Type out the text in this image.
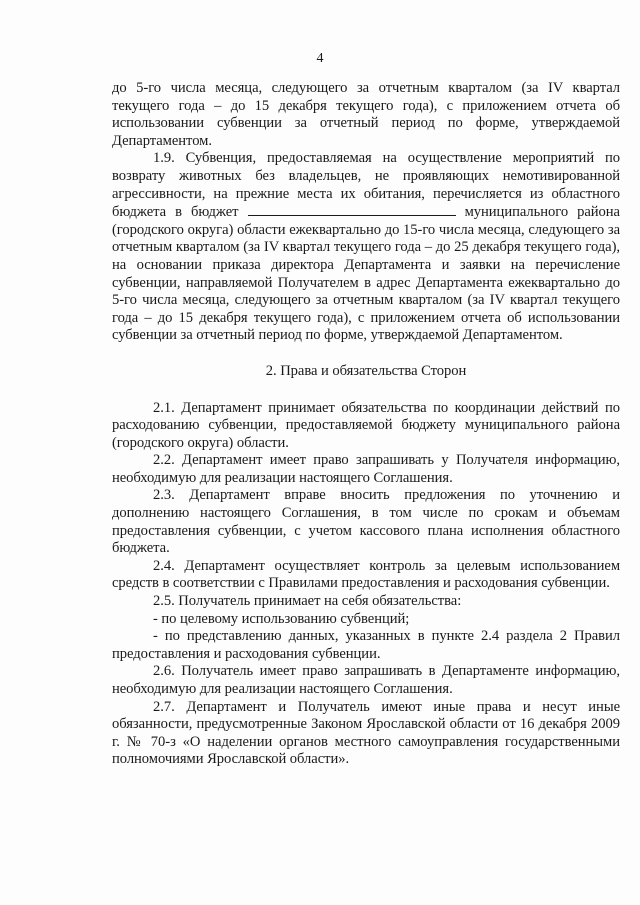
4

до 5-го числа месяца, следующего за отчетным кварталом (за IV квартал текущего года – до 15 декабря текущего года), с приложением отчета об использовании субвенции за отчетный период по форме, утверждаемой Департаментом.

1.9. Субвенция, предоставляемая на осуществление мероприятий по возврату животных без владельцев, не проявляющих немотивированной агрессивности, на прежние места их обитания, перечисляется из областного бюджета в бюджет	муниципального района (городского округа) области ежеквартально до 15-го числа месяца, следующего за отчетным кварталом (за IV квартал текущего года – до 25 декабря текущего года), на основании приказа директора Департамента и заявки на перечисление субвенции, направляемой Получателем в адрес Департамента ежеквартально до 5-го числа месяца, следующего за отчетным кварталом (за IV квартал текущего года – до 15 декабря текущего года), с приложением отчета об использовании субвенции за отчетный период по форме, утверждаемой Департаментом.

2. Права и обязательства Сторон

2.1. Департамент принимает обязательства по координации действий по расходованию субвенции, предоставляемой бюджету муниципального района (городского округа) области.

2.2. Департамент имеет право запрашивать у Получателя информацию, необходимую для реализации настоящего Соглашения.

2.3. Департамент вправе вносить предложения по уточнению и дополнению настоящего Соглашения, в том числе по срокам и объемам предоставления субвенции, с учетом кассового плана исполнения областного бюджета.

2.4. Департамент осуществляет контроль за целевым использованием средств в соответствии с Правилами предоставления и расходования субвенции.

2.5. Получатель принимает на себя обязательства:

- по целевому использованию субвенций;

- по представлению данных, указанных в пункте 2.4 раздела 2 Правил предоставления и расходования субвенции.

2.6. Получатель имеет право запрашивать в Департаменте информацию, необходимую для реализации настоящего Соглашения.

2.7. Департамент и Получатель имеют иные права и несут иные обязанности, предусмотренные Законом Ярославской области от 16 декабря 2009 г. № 70-з «О наделении органов местного самоуправления государственными полномочиями Ярославской области».
